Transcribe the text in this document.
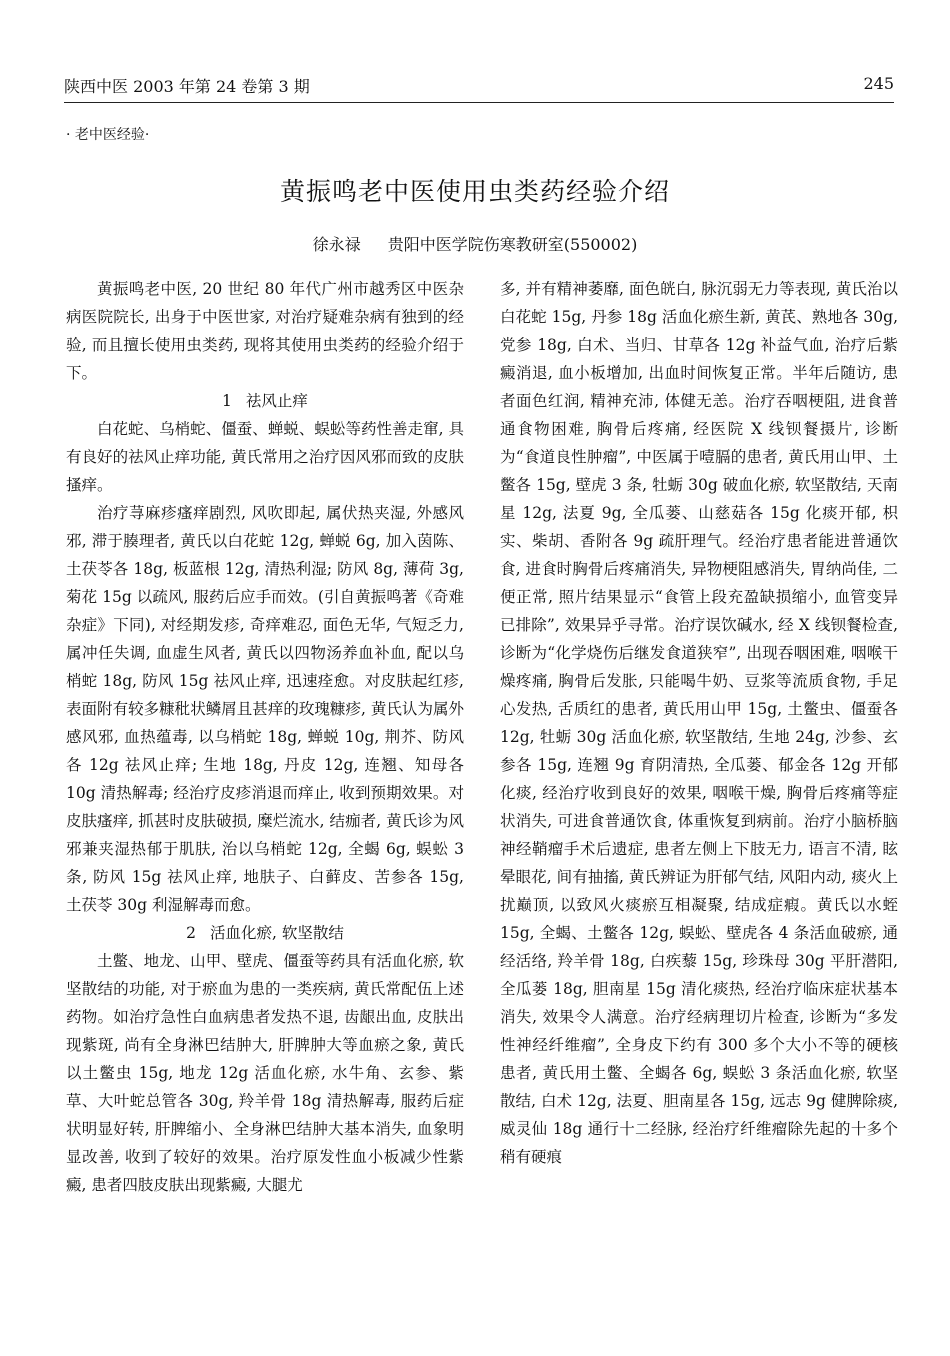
陕西中医 2003 年第 24 卷第 3 期	245
· 老中医经验·
黄振鸣老中医使用虫类药经验介绍
徐永禄 贵阳中医学院伤寒教研室(550002)

黄振鸣老中医, 20 世纪 80 年代广州市越秀区中医杂病医院院长, 出身于中医世家, 对治疗疑难杂病有独到的经验, 而且擅长使用虫类药, 现将其使用虫类药的经验介绍于下。

1 祛风止痒

白花蛇、乌梢蛇、僵蚕、蝉蜕、蜈蚣等药性善走窜, 具有良好的祛风止痒功能, 黄氏常用之治疗因风邪而致的皮肤搔痒。

治疗荨麻疹瘙痒剧烈, 风吹即起, 属伏热夹湿, 外感风邪, 滞于腠理者, 黄氏以白花蛇 12g, 蝉蜕 6g, 加入茵陈、土茯苓各 18g, 板蓝根 12g, 清热利湿; 防风 8g, 薄荷 3g, 菊花 15g 以疏风, 服药后应手而效。(引自黄振鸣著《奇难杂症》下同), 对经期发疹, 奇痒难忍, 面色无华, 气短乏力, 属冲任失调, 血虚生风者, 黄氏以四物汤养血补血, 配以乌梢蛇 18g, 防风 15g 祛风止痒, 迅速痊愈。对皮肤起红疹, 表面附有较多糠秕状鳞屑且甚痒的玫瑰糠疹, 黄氏认为属外感风邪, 血热蕴毒, 以乌梢蛇 18g, 蝉蜕 10g, 荆芥、防风各 12g 祛风止痒; 生地 18g, 丹皮 12g, 连翘、知母各 10g 清热解毒; 经治疗皮疹消退而痒止, 收到预期效果。对皮肤瘙痒, 抓甚时皮肤破损, 糜烂流水, 结痂者, 黄氏诊为风邪兼夹湿热郁于肌肤, 治以乌梢蛇 12g, 全蝎 6g, 蜈蚣 3 条, 防风 15g 祛风止痒, 地肤子、白藓皮、苦参各 15g, 土茯苓 30g 利湿解毒而愈。

2 活血化瘀, 软坚散结

土鳖、地龙、山甲、壁虎、僵蚕等药具有活血化瘀, 软坚散结的功能, 对于瘀血为患的一类疾病, 黄氏常配伍上述药物。如治疗急性白血病患者发热不退, 齿龈出血, 皮肤出现紫斑, 尚有全身淋巴结肿大, 肝脾肿大等血瘀之象, 黄氏以土鳖虫 15g, 地龙 12g 活血化瘀, 水牛角、玄参、紫草、大叶蛇总管各 30g, 羚羊骨 18g 清热解毒, 服药后症状明显好转, 肝脾缩小、全身淋巴结肿大基本消失, 血象明显改善, 收到了较好的效果。治疗原发性血小板减少性紫癜, 患者四肢皮肤出现紫癜, 大腿尤

多, 并有精神萎靡, 面色㿠白, 脉沉弱无力等表现, 黄氏治以白花蛇 15g, 丹参 18g 活血化瘀生新, 黄芪、熟地各 30g, 党参 18g, 白术、当归、甘草各 12g 补益气血, 治疗后紫癜消退, 血小板增加, 出血时间恢复正常。半年后随访, 患者面色红润, 精神充沛, 体健无恙。治疗吞咽梗阻, 进食普通食物困难, 胸骨后疼痛, 经医院 X 线钡餐摄片, 诊断为“食道良性肿瘤”, 中医属于噎膈的患者, 黄氏用山甲、土鳖各 15g, 壁虎 3 条, 牡蛎 30g 破血化瘀, 软坚散结, 天南星 12g, 法夏 9g, 全瓜蒌、山慈菇各 15g 化痰开郁, 枳实、柴胡、香附各 9g 疏肝理气。经治疗患者能进普通饮食, 进食时胸骨后疼痛消失, 异物梗阻感消失, 胃纳尚佳, 二便正常, 照片结果显示“食管上段充盈缺损缩小, 血管变异已排除”, 效果异乎寻常。治疗误饮碱水, 经 X 线钡餐检查, 诊断为“化学烧伤后继发食道狭窄”, 出现吞咽困难, 咽喉干燥疼痛, 胸骨后发胀, 只能喝牛奶、豆浆等流质食物, 手足心发热, 舌质红的患者, 黄氏用山甲 15g, 土鳖虫、僵蚕各 12g, 牡蛎 30g 活血化瘀, 软坚散结, 生地 24g, 沙参、玄参各 15g, 连翘 9g 育阴清热, 全瓜蒌、郁金各 12g 开郁化痰, 经治疗收到良好的效果, 咽喉干燥, 胸骨后疼痛等症状消失, 可进食普通饮食, 体重恢复到病前。治疗小脑桥脑神经鞘瘤手术后遗症, 患者左侧上下肢无力, 语言不清, 眩晕眼花, 间有抽搐, 黄氏辨证为肝郁气结, 风阳内动, 痰火上扰巅顶, 以致风火痰瘀互相凝聚, 结成症瘕。黄氏以水蛭 15g, 全蝎、土鳖各 12g, 蜈蚣、壁虎各 4 条活血破瘀, 通经活络, 羚羊骨 18g, 白疾藜 15g, 珍珠母 30g 平肝潜阳, 全瓜蒌 18g, 胆南星 15g 清化痰热, 经治疗临床症状基本消失, 效果令人满意。治疗经病理切片检查, 诊断为“多发性神经纤维瘤”, 全身皮下约有 300 多个大小不等的硬核患者, 黄氏用土鳖、全蝎各 6g, 蜈蚣 3 条活血化瘀, 软坚散结, 白术 12g, 法夏、胆南星各 15g, 远志 9g 健脾除痰, 威灵仙 18g 通行十二经脉, 经治疗纤维瘤除先起的十多个稍有硬痕
